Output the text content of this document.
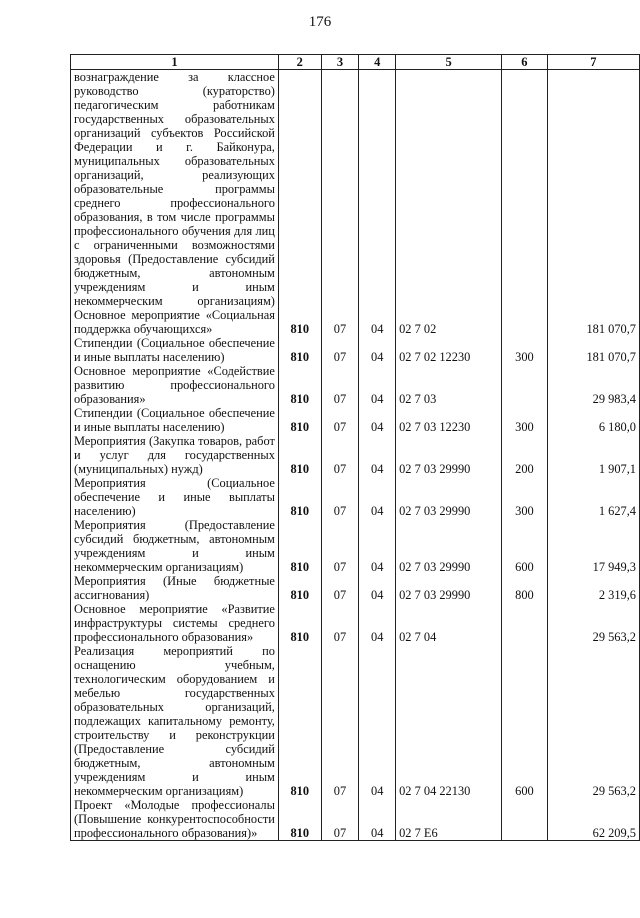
176
1	2	3	4	5	6	7
вознаграждение за классное руководство (кураторство) педагогическим работникам государственных образовательных организаций субъектов Российской Федерации и г. Байконура, муниципальных образовательных организаций, реализующих образовательные программы среднего профессионального образования, в том числе программы профессионального обучения для лиц с ограниченными возможностями здоровья (Предоставление субсидий бюджетным, автономным учреждениям и иным некоммерческим организациям)						
Основное мероприятие «Социальная поддержка обучающихся»	810	07	04	02 7 02		181 070,7
Стипендии (Социальное обеспечение и иные выплаты населению)	810	07	04	02 7 02 12230	300	181 070,7
Основное мероприятие «Содействие развитию профессионального образования»	810	07	04	02 7 03		29 983,4
Стипендии (Социальное обеспечение и иные выплаты населению)	810	07	04	02 7 03 12230	300	6 180,0
Мероприятия (Закупка товаров, работ и услуг для государственных (муниципальных) нужд)	810	07	04	02 7 03 29990	200	1 907,1
Мероприятия (Социальное обеспечение и иные выплаты населению)	810	07	04	02 7 03 29990	300	1 627,4
Мероприятия (Предоставление субсидий бюджетным, автономным учреждениям и иным некоммерческим организациям)	810	07	04	02 7 03 29990	600	17 949,3
Мероприятия (Иные бюджетные ассигнования)	810	07	04	02 7 03 29990	800	2 319,6
Основное мероприятие «Развитие инфраструктуры системы среднего профессионального образования»	810	07	04	02 7 04		29 563,2
Реализация мероприятий по оснащению учебным, технологическим оборудованием и мебелью государственных образовательных организаций, подлежащих капитальному ремонту, строительству и реконструкции (Предоставление субсидий бюджетным, автономным учреждениям и иным некоммерческим организациям)	810	07	04	02 7 04 22130	600	29 563,2
Проект «Молодые профессионалы (Повышение конкурентоспособности профессионального образования)»	810	07	04	02 7 Е6		62 209,5
